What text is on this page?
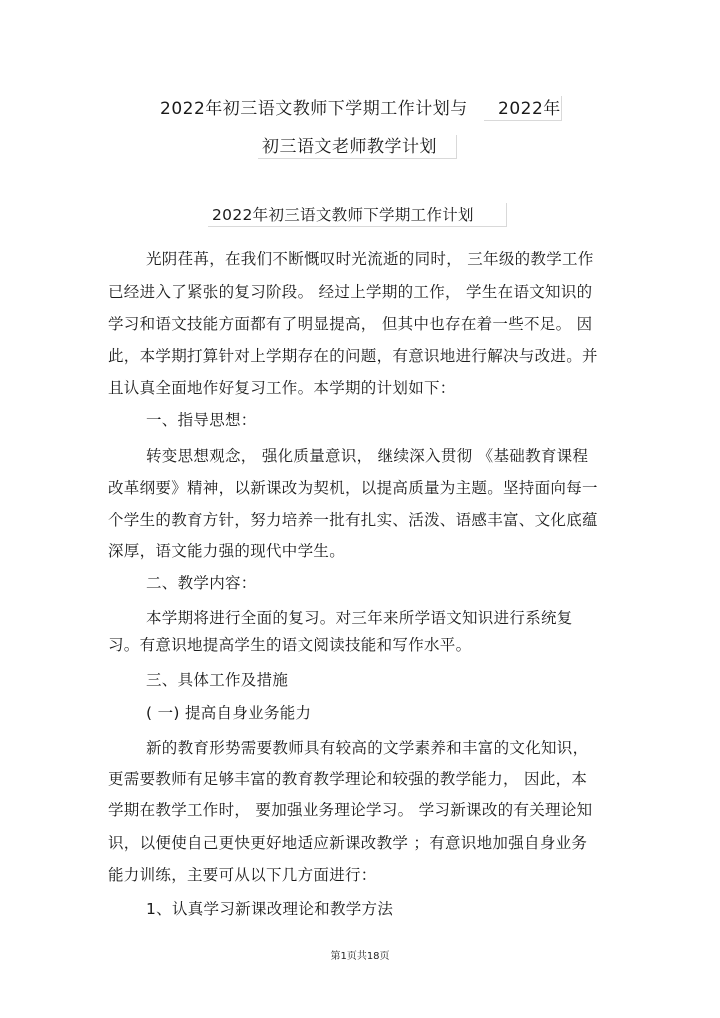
2022年初三语文教师下学期工作计划与 2022年
初三语文老师教学计划
2022年初三语文教师下学期工作计划
光阴荏苒，在我们不断慨叹时光流逝的同时， 三年级的教学工作
已经进入了紧张的复习阶段。 经过上学期的工作， 学生在语文知识的
学习和语文技能方面都有了明显提高， 但其中也存在着一些不足。 因
此，本学期打算针对上学期存在的问题，有意识地进行解决与改进。并
且认真全面地作好复习工作。本学期的计划如下：
一、指导思想：
转变思想观念， 强化质量意识， 继续深入贯彻 《基础教育课程
改革纲要》精神，以新课改为契机，以提高质量为主题。坚持面向每一
个学生的教育方针，努力培养一批有扎实、活泼、语感丰富、文化底蕴
深厚，语文能力强的现代中学生。
二、教学内容：
本学期将进行全面的复习。对三年来所学语文知识进行系统复
习。有意识地提高学生的语文阅读技能和写作水平。
三、具体工作及措施
( 一) 提高自身业务能力
新的教育形势需要教师具有较高的文学素养和丰富的文化知识，
更需要教师有足够丰富的教育教学理论和较强的教学能力， 因此，本
学期在教学工作时， 要加强业务理论学习。 学习新课改的有关理论知
识，以便使自己更快更好地适应新课改教学 ；有意识地加强自身业务
能力训练，主要可从以下几方面进行：
1、认真学习新课改理论和教学方法
第1页共18页
